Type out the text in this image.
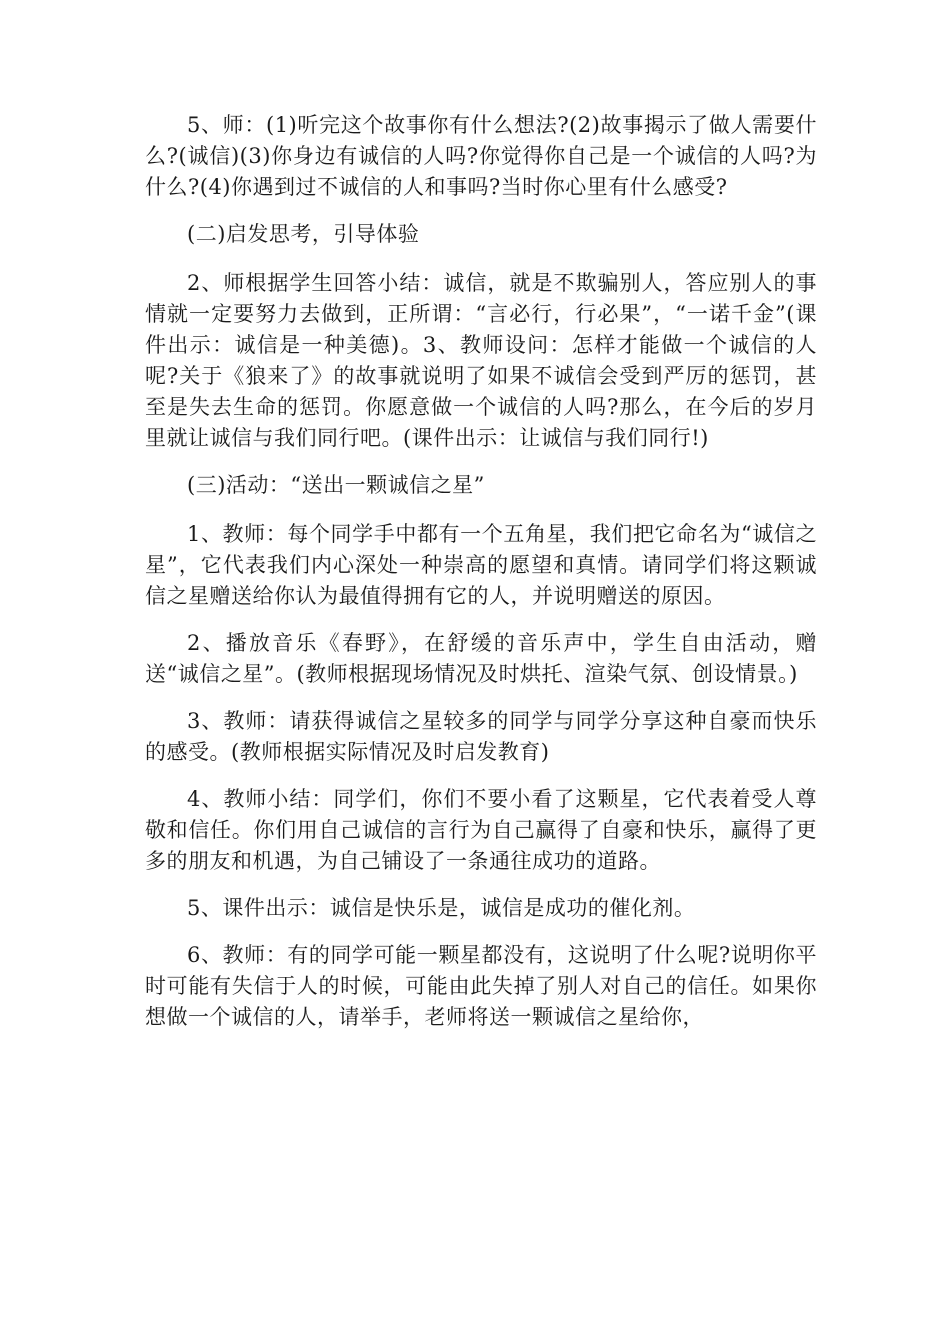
5、师：(1)听完这个故事你有什么想法?(2)故事揭示了做人需要什么?(诚信)(3)你身边有诚信的人吗?你觉得你自己是一个诚信的人吗?为什么?(4)你遇到过不诚信的人和事吗?当时你心里有什么感受?

(二)启发思考，引导体验

2、师根据学生回答小结：诚信，就是不欺骗别人，答应别人的事情就一定要努力去做到，正所谓：“言必行，行必果”，“一诺千金”(课件出示：诚信是一种美德)。3、教师设问：怎样才能做一个诚信的人呢?关于《狼来了》的故事就说明了如果不诚信会受到严厉的惩罚，甚至是失去生命的惩罚。你愿意做一个诚信的人吗?那么，在今后的岁月里就让诚信与我们同行吧。(课件出示：让诚信与我们同行!)

(三)活动：“送出一颗诚信之星”

1、教师：每个同学手中都有一个五角星，我们把它命名为“诚信之星”，它代表我们内心深处一种崇高的愿望和真情。请同学们将这颗诚信之星赠送给你认为最值得拥有它的人，并说明赠送的原因。

2、播放音乐《春野》，在舒缓的音乐声中，学生自由活动，赠送“诚信之星”。(教师根据现场情况及时烘托、渲染气氛、创设情景。)

3、教师：请获得诚信之星较多的同学与同学分享这种自豪而快乐的感受。(教师根据实际情况及时启发教育)

4、教师小结：同学们，你们不要小看了这颗星，它代表着受人尊敬和信任。你们用自己诚信的言行为自己赢得了自豪和快乐，赢得了更多的朋友和机遇，为自己铺设了一条通往成功的道路。

5、课件出示：诚信是快乐是，诚信是成功的催化剂。

6、教师：有的同学可能一颗星都没有，这说明了什么呢?说明你平时可能有失信于人的时候，可能由此失掉了别人对自己的信任。如果你想做一个诚信的人，请举手，老师将送一颗诚信之星给你，
